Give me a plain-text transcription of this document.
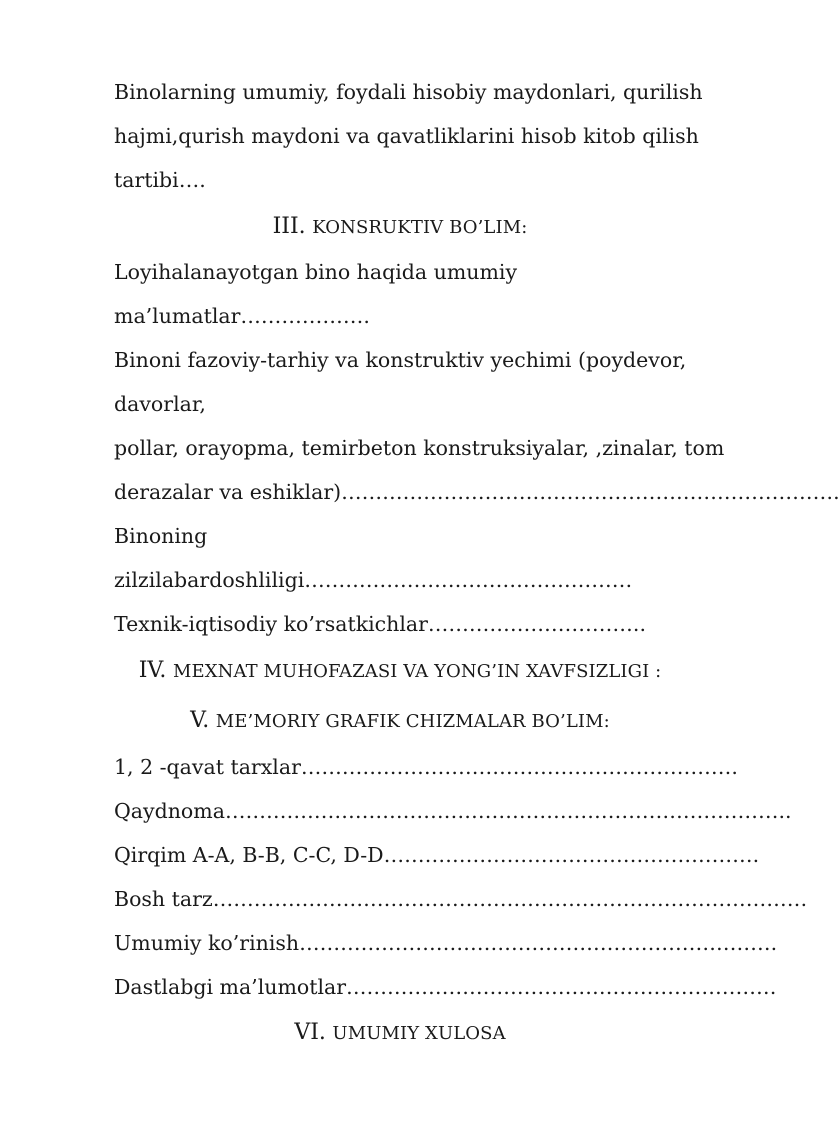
Binolarning umumiy, foydali hisobiy maydonlari, qurilish

hajmi,qurish maydoni va qavatliklarini hisob kitob qilish

tartibi….

III. KONSRUKTIV BO’LIM:

Loyihalanayotgan bino haqida umumiy

ma’lumatlar……………….

Binoni fazoviy-tarhiy va konstruktiv yechimi (poydevor,

davorlar,

pollar, orayopma, temirbeton konstruksiyalar, ,zinalar, tom

derazalar va eshiklar)……………………………………………………………….

Binoning

zilzilabardoshliligi…………………………………………

Texnik-iqtisodiy ko’rsatkichlar…………………………..

IV. MEXNAT MUHOFAZASI VA YONG’IN XAVFSIZLIGI :

V. ME’MORIY GRAFIK CHIZMALAR BO’LIM:

1, 2 -qavat tarxlar……………………………………………………….

Qaydnoma………………………………………………………………………..

Qirqim A-A, B-B, C-C, D-D……………………………………………….

Bosh tarz……………………………………………………………………………

Umumiy ko’rinish…………………………………………………………….

Dastlabgi ma’lumotlar………………………………………………………

VI. UMUMIY XULOSA
